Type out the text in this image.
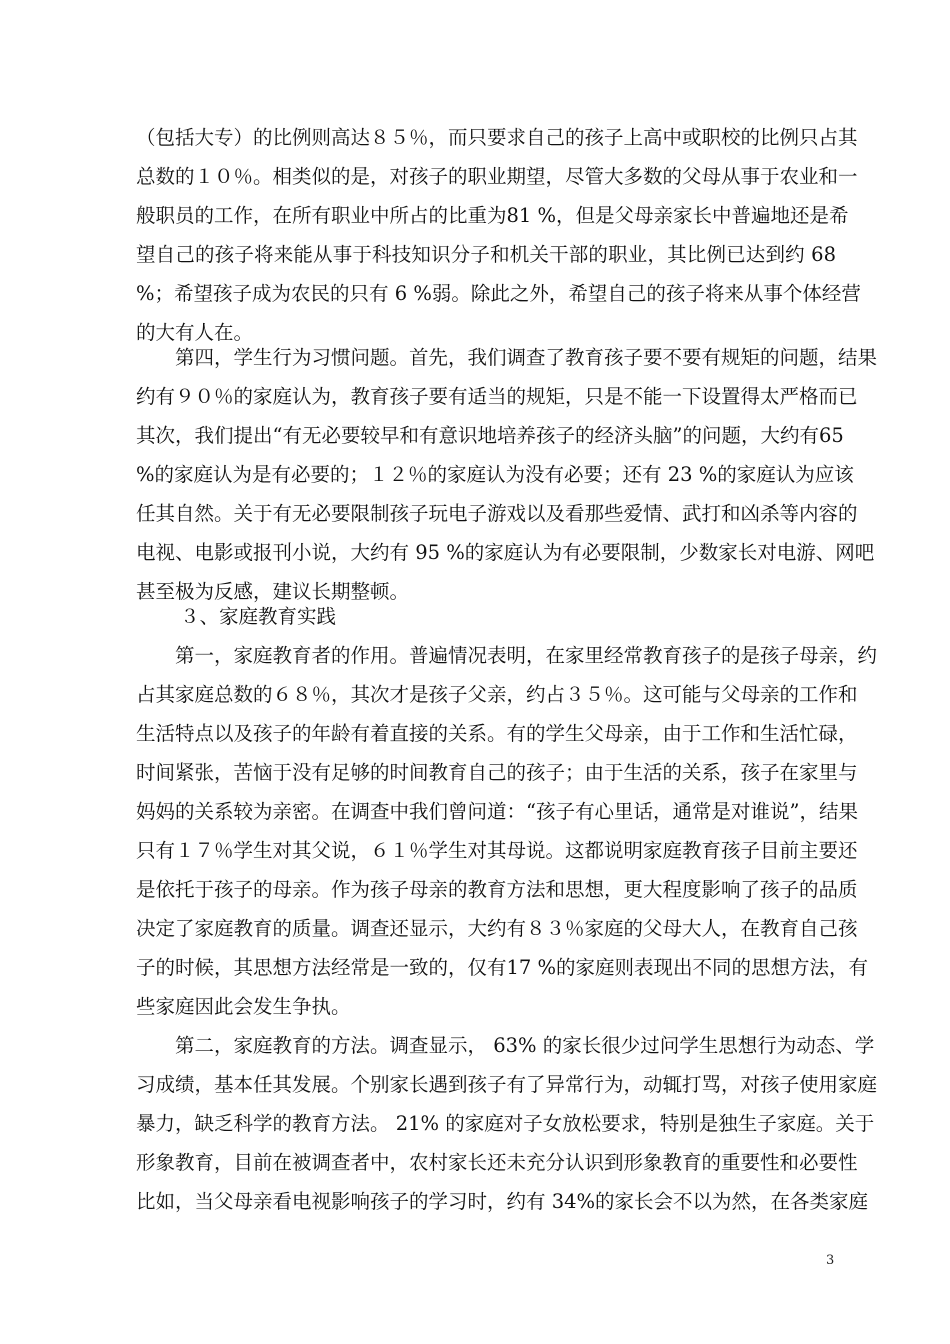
（包括大专）的比例则高达８５％，而只要求自己的孩子上高中或职校的比例只占其
总数的１０％。相类似的是，对孩子的职业期望，尽管大多数的父母从事于农业和一
般职员的工作，在所有职业中所占的比重为81 %，但是父母亲家长中普遍地还是希
望自己的孩子将来能从事于科技知识分子和机关干部的职业，其比例已达到约 68
%；希望孩子成为农民的只有 6 %弱。除此之外，希望自己的孩子将来从事个体经营
的大有人在。
第四，学生行为习惯问题。首先，我们调查了教育孩子要不要有规矩的问题，结果
约有９０％的家庭认为，教育孩子要有适当的规矩，只是不能一下设置得太严格而已
其次，我们提出“有无必要较早和有意识地培养孩子的经济头脑”的问题，大约有65
%的家庭认为是有必要的；１２％的家庭认为没有必要；还有 23 %的家庭认为应该
任其自然。关于有无必要限制孩子玩电子游戏以及看那些爱情、武打和凶杀等内容的
电视、电影或报刊小说，大约有 95 %的家庭认为有必要限制，少数家长对电游、网吧
甚至极为反感，建议长期整顿。
３、家庭教育实践
第一，家庭教育者的作用。普遍情况表明，在家里经常教育孩子的是孩子母亲，约
占其家庭总数的６８％，其次才是孩子父亲，约占３５％。这可能与父母亲的工作和
生活特点以及孩子的年龄有着直接的关系。有的学生父母亲，由于工作和生活忙碌，
时间紧张，苦恼于没有足够的时间教育自己的孩子；由于生活的关系，孩子在家里与
妈妈的关系较为亲密。在调查中我们曾问道：“孩子有心里话，通常是对谁说”，结果
只有１７％学生对其父说，６１％学生对其母说。这都说明家庭教育孩子目前主要还
是依托于孩子的母亲。作为孩子母亲的教育方法和思想，更大程度影响了孩子的品质
决定了家庭教育的质量。调查还显示，大约有８３％家庭的父母大人，在教育自己孩
子的时候，其思想方法经常是一致的，仅有17 %的家庭则表现出不同的思想方法，有
些家庭因此会发生争执。
第二，家庭教育的方法。调查显示， 63% 的家长很少过问学生思想行为动态、学
习成绩，基本任其发展。个别家长遇到孩子有了异常行为，动辄打骂，对孩子使用家庭
暴力，缺乏科学的教育方法。 21% 的家庭对子女放松要求，特别是独生子家庭。关于
形象教育，目前在被调查者中，农村家长还未充分认识到形象教育的重要性和必要性
比如，当父母亲看电视影响孩子的学习时，约有 34%的家长会不以为然，在各类家庭
3
